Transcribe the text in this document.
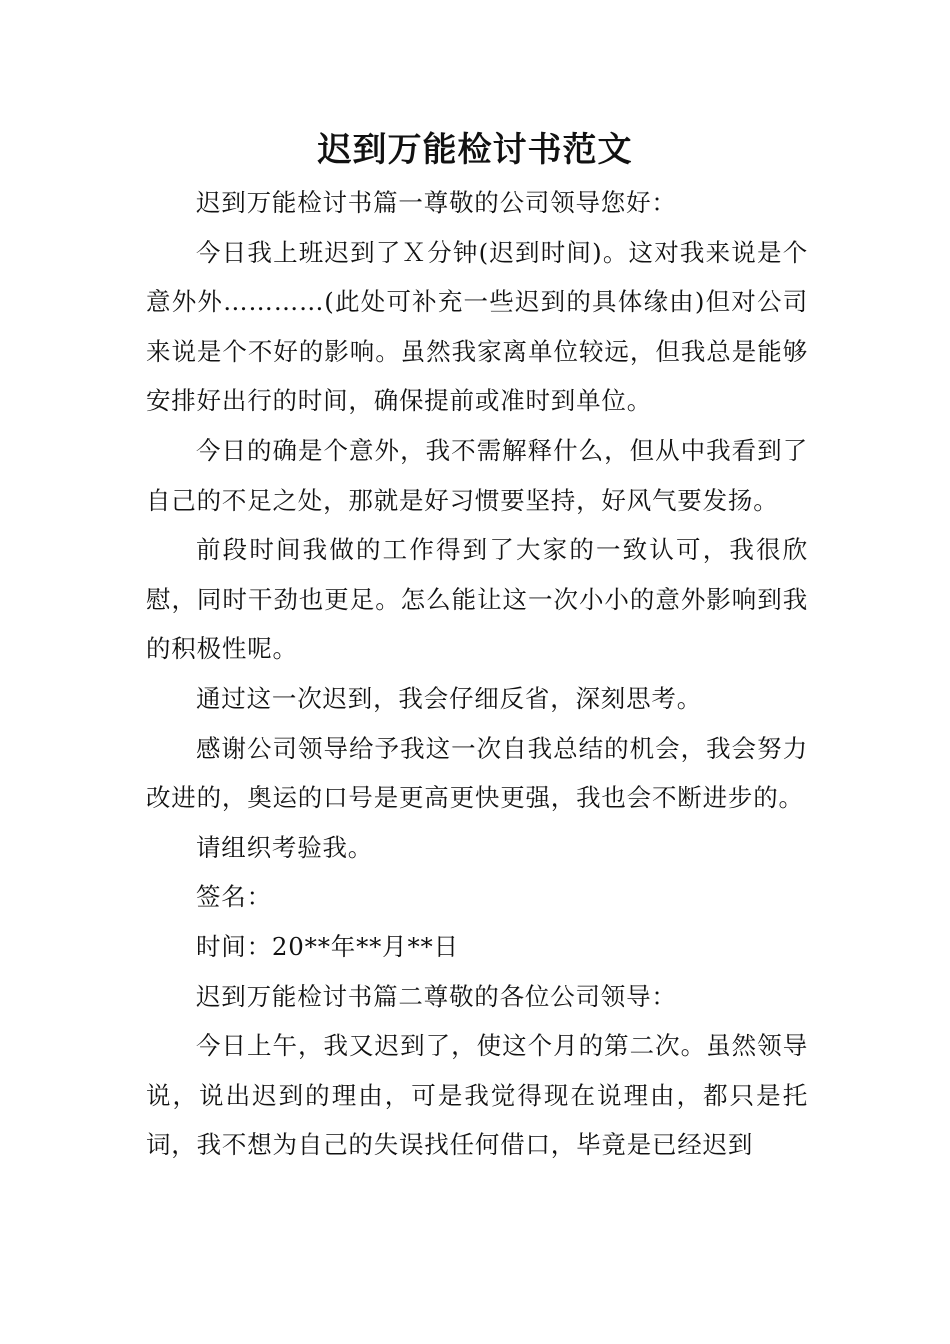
迟到万能检讨书范文

迟到万能检讨书篇一尊敬的公司领导您好：

今日我上班迟到了Ｘ分钟(迟到时间)。这对我来说是个意外外…………(此处可补充一些迟到的具体缘由)但对公司来说是个不好的影响。虽然我家离单位较远，但我总是能够安排好出行的时间，确保提前或准时到单位。

今日的确是个意外，我不需解释什么，但从中我看到了自己的不足之处，那就是好习惯要坚持，好风气要发扬。

前段时间我做的工作得到了大家的一致认可，我很欣慰，同时干劲也更足。怎么能让这一次小小的意外影响到我的积极性呢。

通过这一次迟到，我会仔细反省，深刻思考。

感谢公司领导给予我这一次自我总结的机会，我会努力改进的，奥运的口号是更高更快更强，我也会不断进步的。

请组织考验我。

签名：

时间：20**年**月**日

迟到万能检讨书篇二尊敬的各位公司领导：

今日上午，我又迟到了，使这个月的第二次。虽然领导说，说出迟到的理由，可是我觉得现在说理由，都只是托词，我不想为自己的失误找任何借口，毕竟是已经迟到
